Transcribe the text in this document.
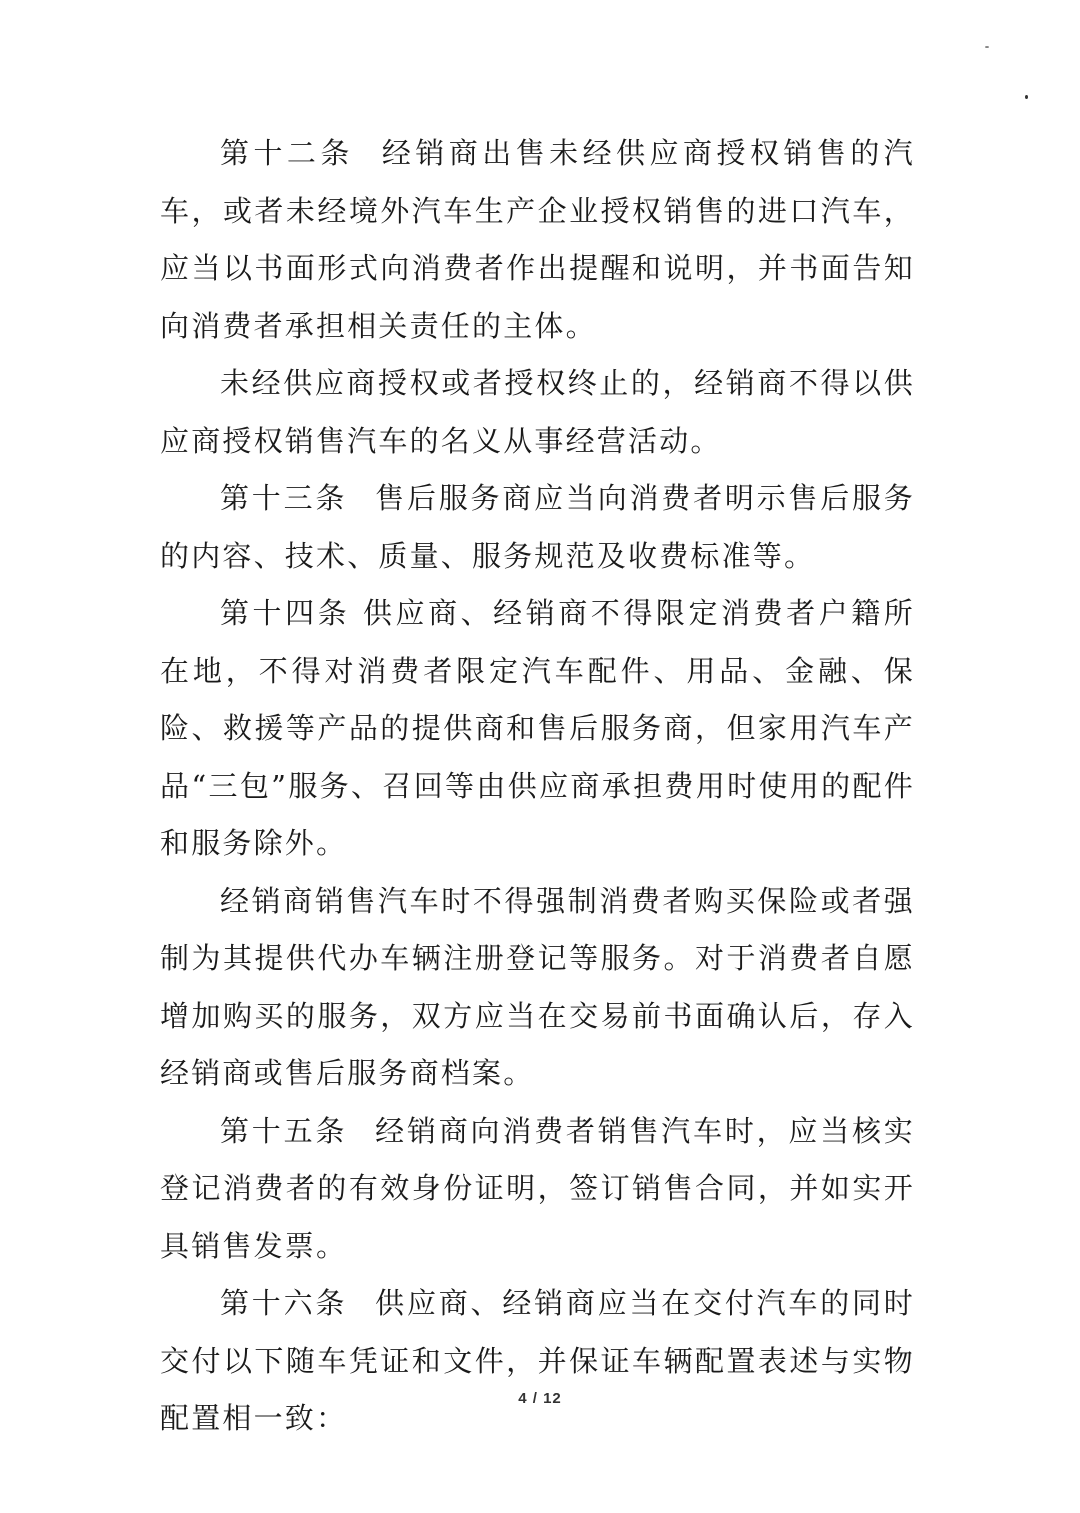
第十二条 经销商出售未经供应商授权销售的汽车，或者未经境外汽车生产企业授权销售的进口汽车，应当以书面形式向消费者作出提醒和说明，并书面告知向消费者承担相关责任的主体。

未经供应商授权或者授权终止的，经销商不得以供应商授权销售汽车的名义从事经营活动。

第十三条 售后服务商应当向消费者明示售后服务的内容、技术、质量、服务规范及收费标准等。

第十四条 供应商、经销商不得限定消费者户籍所在地，不得对消费者限定汽车配件、用品、金融、保险、救援等产品的提供商和售后服务商，但家用汽车产品“三包”服务、召回等由供应商承担费用时使用的配件和服务除外。

经销商销售汽车时不得强制消费者购买保险或者强制为其提供代办车辆注册登记等服务。对于消费者自愿增加购买的服务，双方应当在交易前书面确认后，存入经销商或售后服务商档案。

第十五条 经销商向消费者销售汽车时，应当核实登记消费者的有效身份证明，签订销售合同，并如实开具销售发票。

第十六条 供应商、经销商应当在交付汽车的同时交付以下随车凭证和文件，并保证车辆配置表述与实物配置相一致：

4 / 12
